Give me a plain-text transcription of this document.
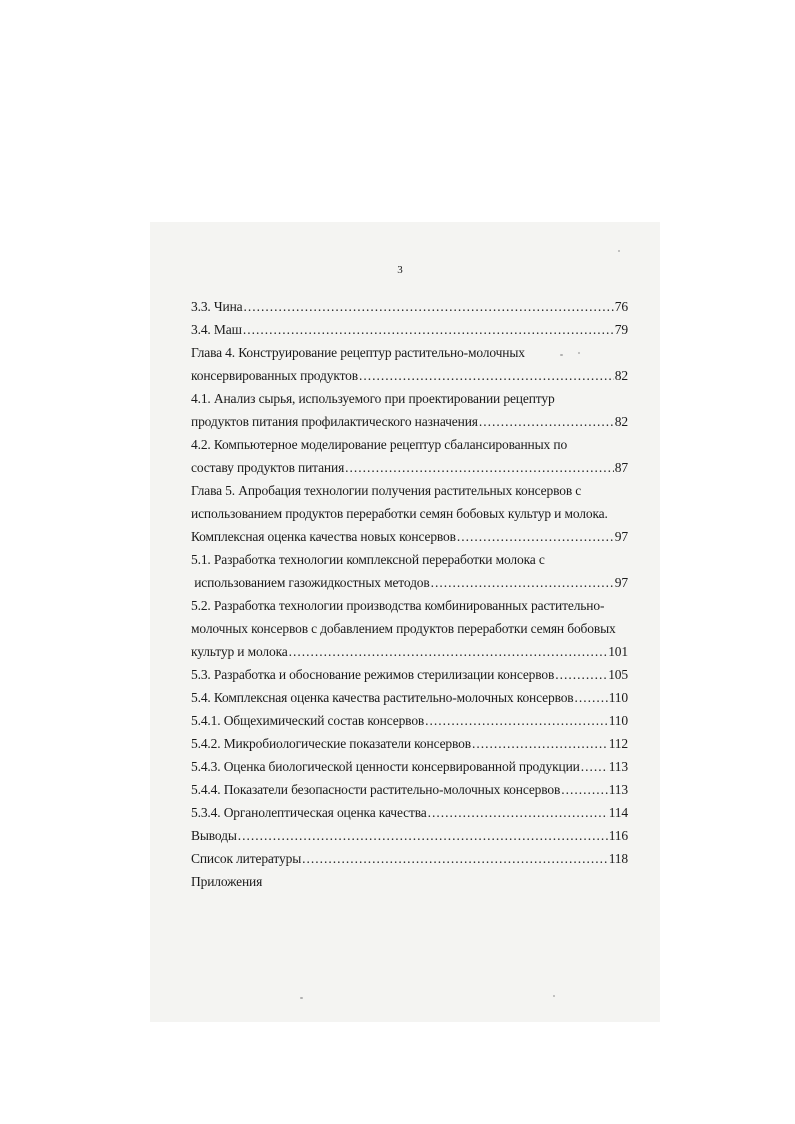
3
3.3. Чина .....	76
3.4. Маш .....	79
Глава 4. Конструирование рецептур растительно-молочных
консервированных продуктов .....	82
4.1. Анализ сырья, используемого при проектировании рецептур
продуктов питания профилактического назначения .....	82
4.2. Компьютерное моделирование рецептур сбалансированных по
составу продуктов питания .....	87
Глава 5. Апробация технологии получения растительных консервов с
использованием продуктов переработки семян бобовых культур и молока.
Комплексная оценка качества новых консервов .....	97
5.1. Разработка технологии комплексной переработки молока с
использованием газожидкостных методов .....	97
5.2. Разработка технологии производства комбинированных растительно-
молочных консервов с добавлением продуктов переработки семян бобовых
культур и молока .....	101
5.3. Разработка и обоснование режимов стерилизации консервов .....	105
5.4. Комплексная оценка качества растительно-молочных консервов .....	110
5.4.1. Общехимический состав консервов .....	110
5.4.2. Микробиологические показатели консервов .....	112
5.4.3. Оценка биологической ценности консервированной продукции ..... 113
5.4.4. Показатели безопасности растительно-молочных консервов .....	113
5.3.4. Органолептическая оценка качества .....	114
Выводы .....	116
Список литературы .....	118
Приложения
